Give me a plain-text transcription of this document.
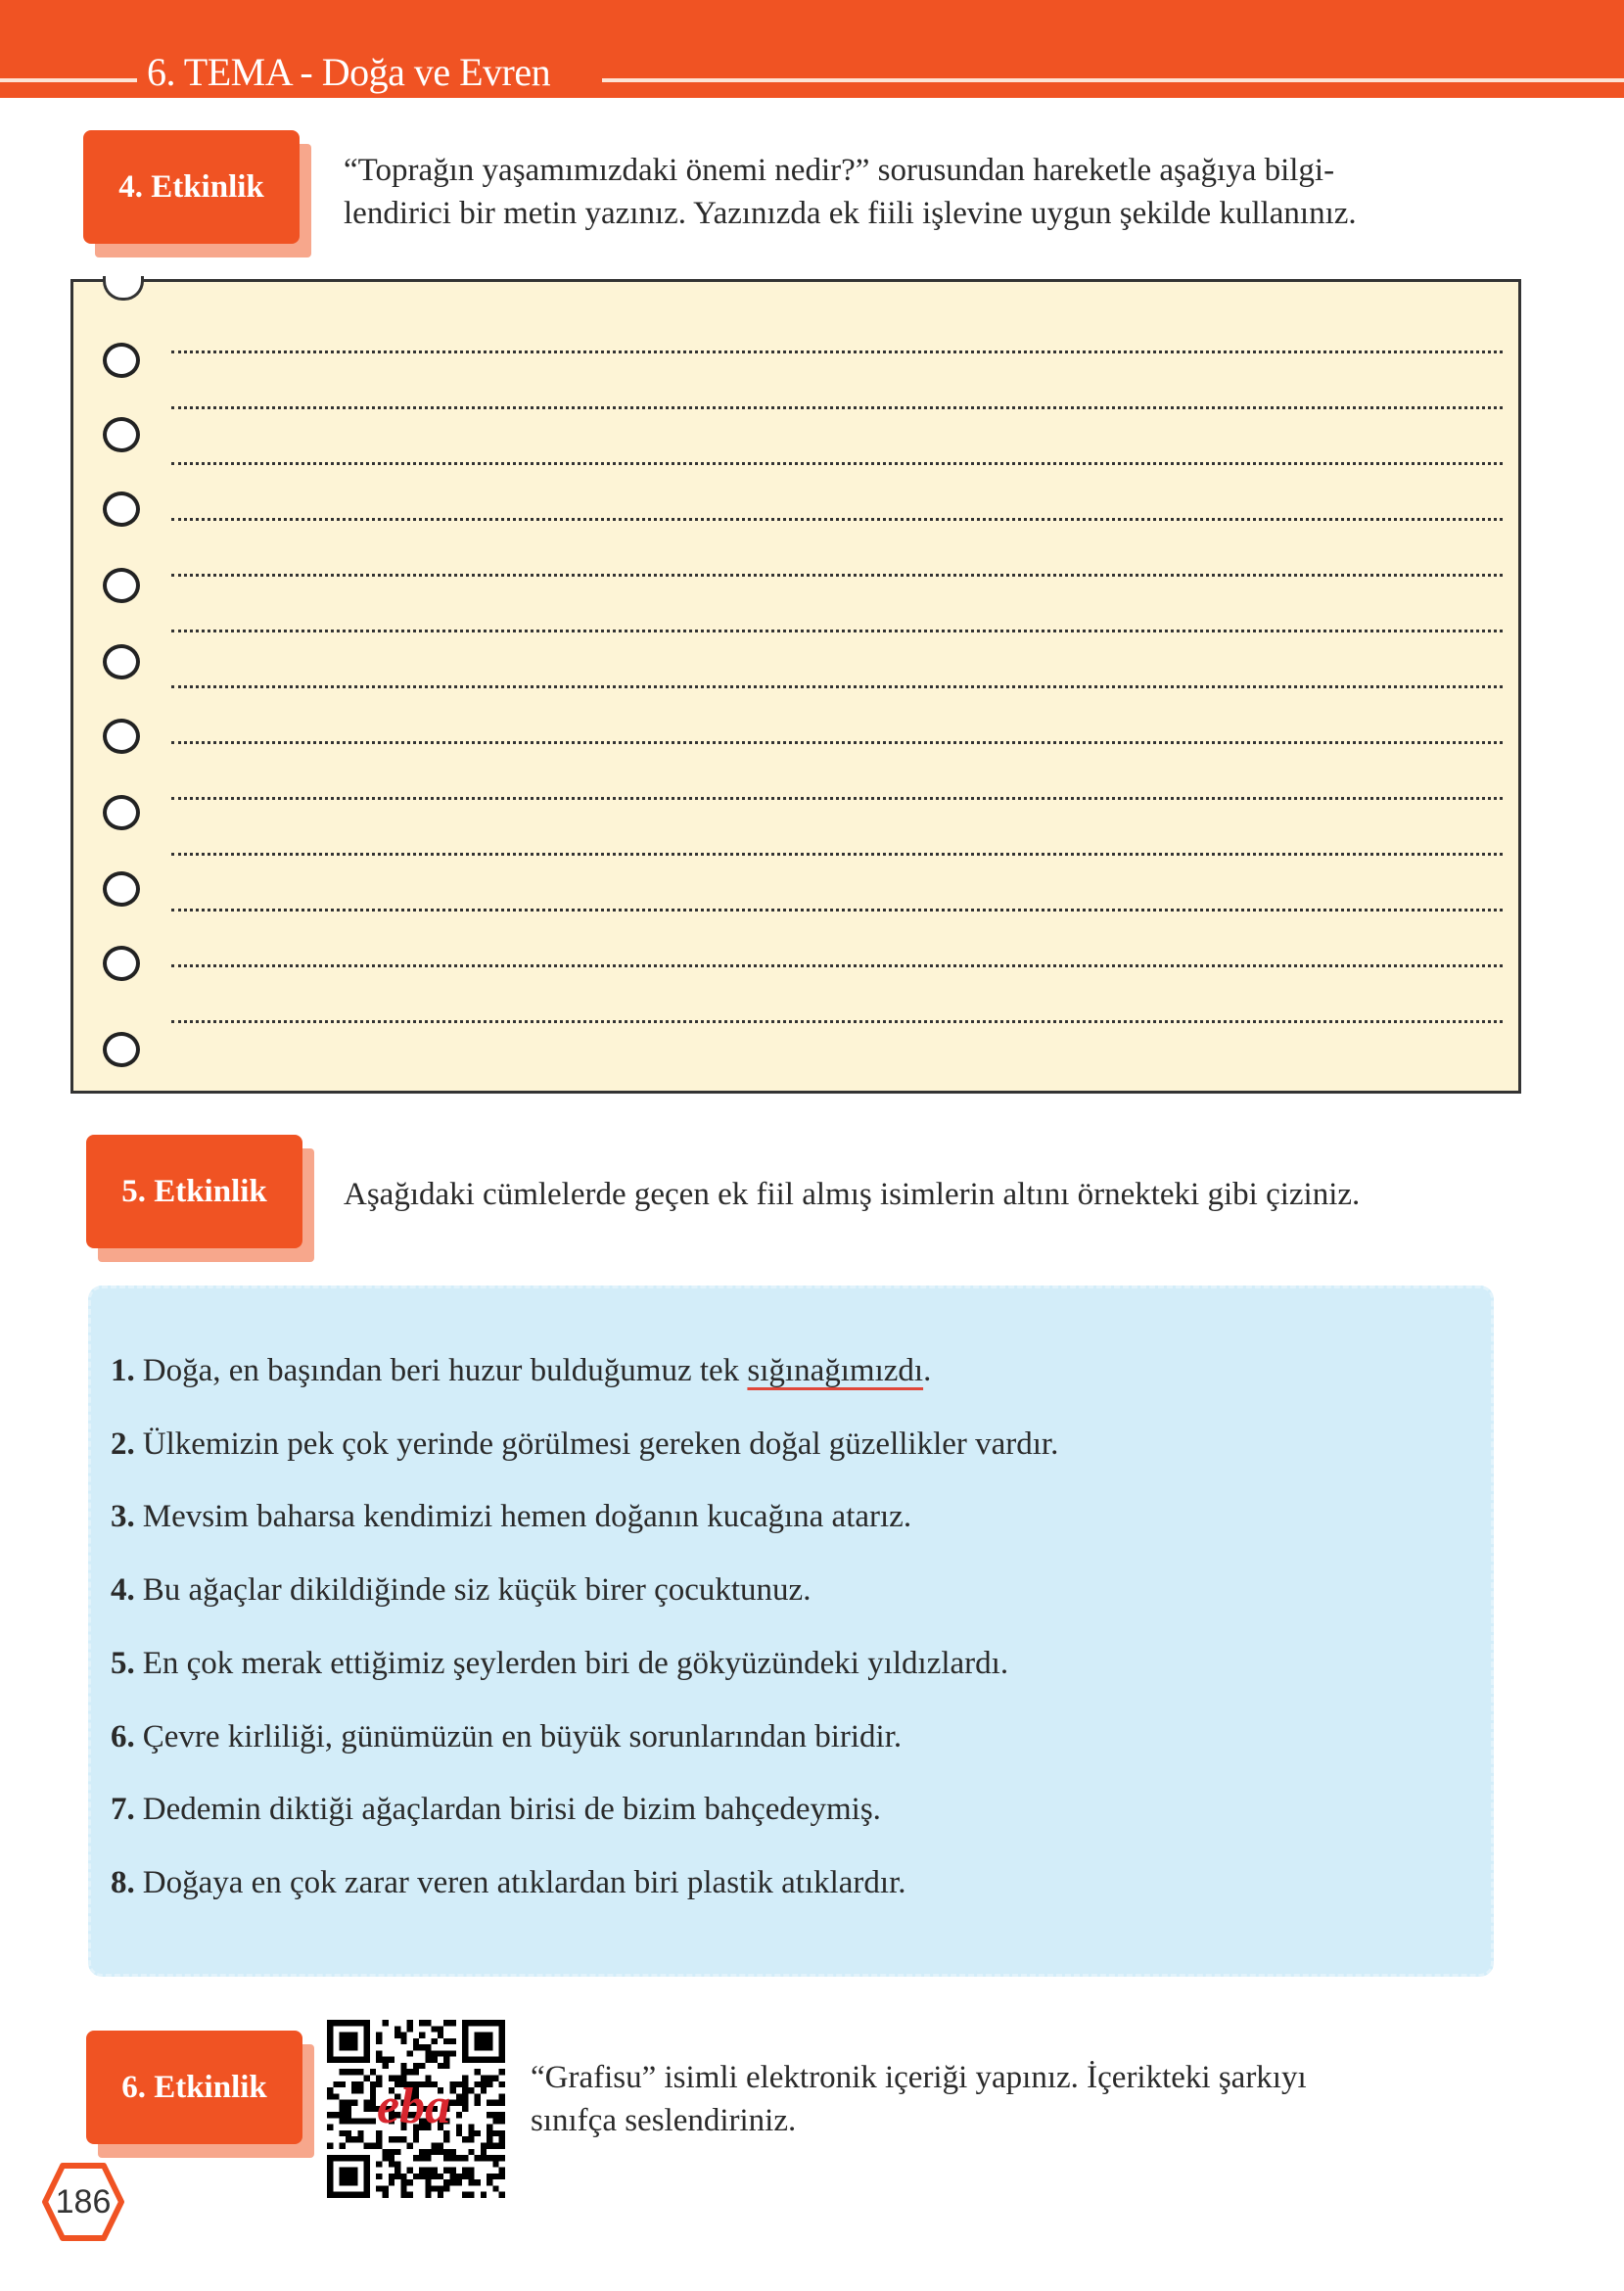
6. TEMA - Doğa ve Evren
4. Etkinlik	“Toprağın yaşamımızdaki önemi nedir?” sorusundan hareketle aşağıya bilgi-
lendirici bir metin yazınız. Yazınızda ek fiili işlevine uygun şekilde kullanınız.
5. Etkinlik	Aşağıdaki cümlelerde geçen ek fiil almış isimlerin altını örnekteki gibi çiziniz.
1. Doğa, en başından beri huzur bulduğumuz tek sığınağımızdı.
2. Ülkemizin pek çok yerinde görülmesi gereken doğal güzellikler vardır.
3. Mevsim baharsa kendimizi hemen doğanın kucağına atarız.
4. Bu ağaçlar dikildiğinde siz küçük birer çocuktunuz.
5. En çok merak ettiğimiz şeylerden biri de gökyüzündeki yıldızlardı.
6. Çevre kirliliği, günümüzün en büyük sorunlarından biridir.
7. Dedemin diktiği ağaçlardan birisi de bizim bahçedeymiş.
8. Doğaya en çok zarar veren atıklardan biri plastik atıklardır.
6. Etkinlik	eba
“Grafisu” isimli elektronik içeriği yapınız. İçerikteki şarkıyı
sınıfça seslendiriniz.
186
